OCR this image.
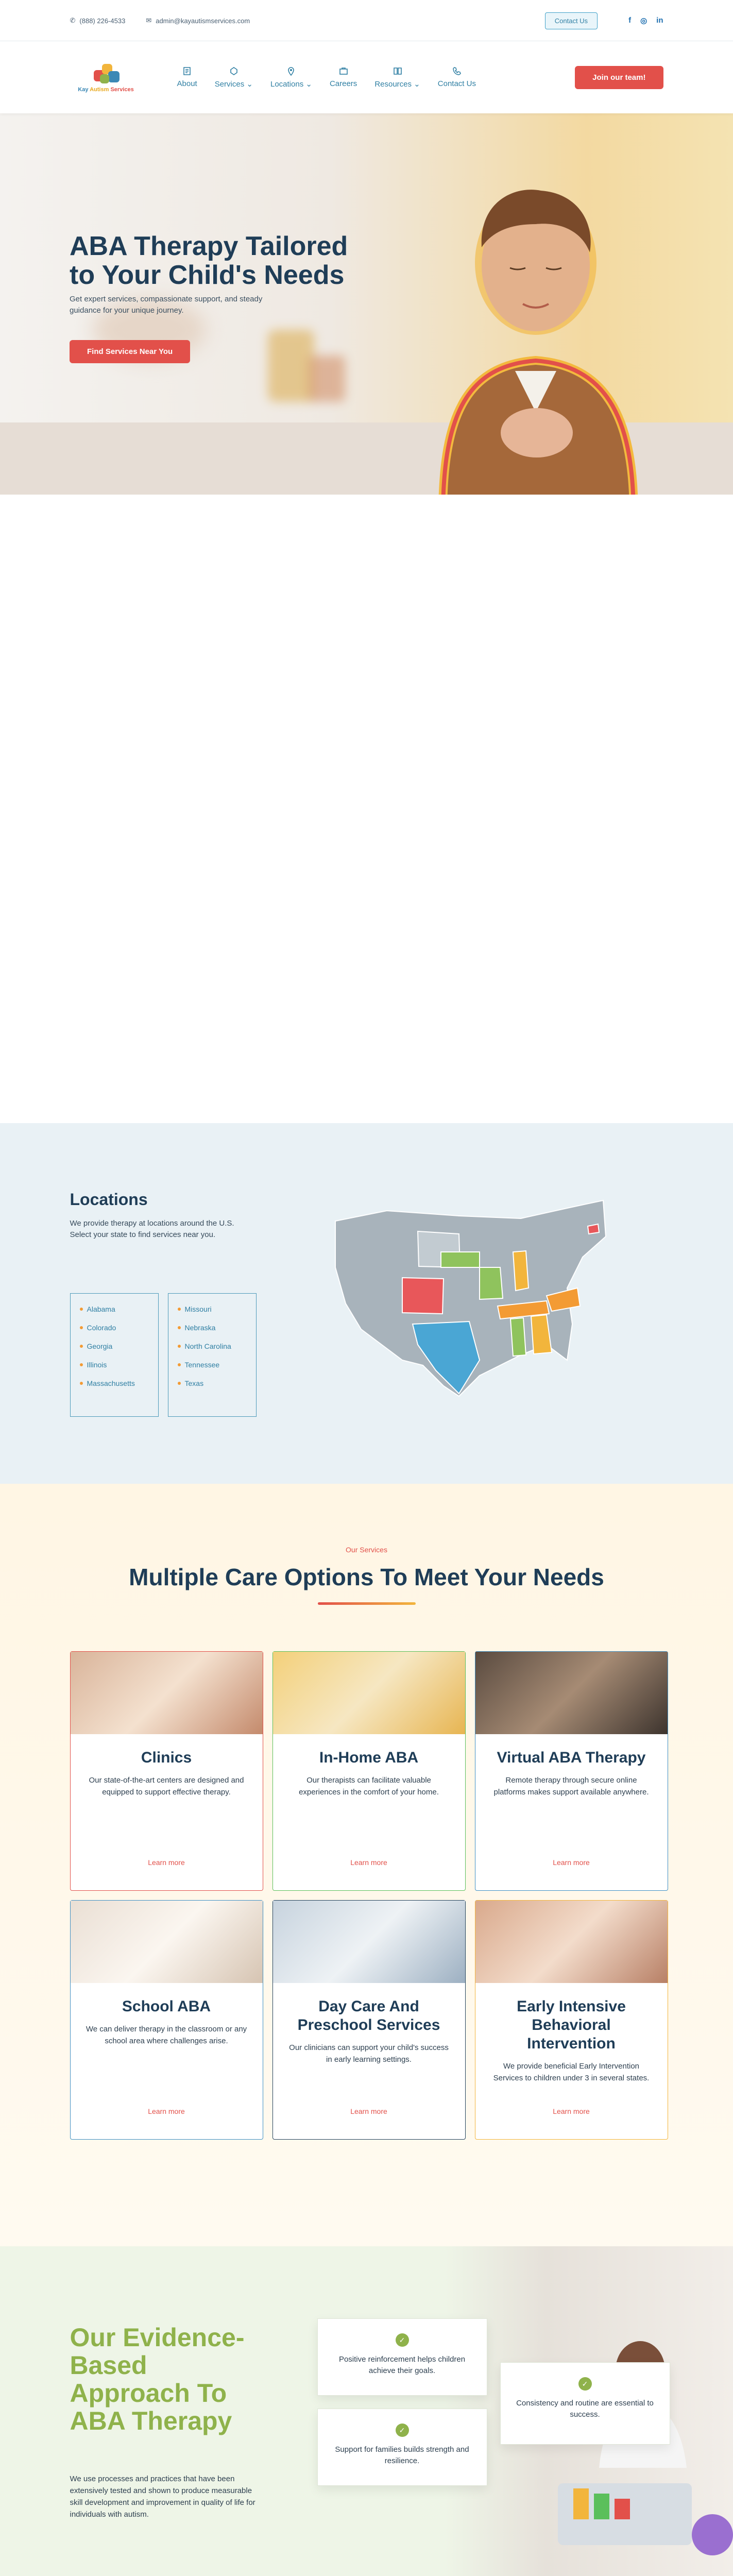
✆ (888) 226-4533	✉ admin@kayautismservices.com	Contact Us	f ◎ in
Kay Autism Services
About Services ⌄ Locations ⌄ Careers Resources ⌄ Contact Us
Join our team!
ABA Therapy Tailored to Your Child's Needs

Get expert services, compassionate support, and steady guidance for your unique journey.

Find Services Near You
Locations

We provide therapy at locations around the U.S. Select your state to find services near you.

Alabama
Colorado
Georgia
Illinois
Massachusetts
Missouri
Nebraska
North Carolina
Tennessee
Texas
Our Services
Multiple Care Options To Meet Your Needs
Clinics

Our state-of-the-art centers are designed and equipped to support effective therapy.

Learn more
In-Home ABA

Our therapists can facilitate valuable experiences in the comfort of your home.

Learn more
Virtual ABA Therapy

Remote therapy through secure online platforms makes support available anywhere.

Learn more
School ABA

We can deliver therapy in the classroom or any school area where challenges arise.

Learn more
Day Care And Preschool Services

Our clinicians can support your child's success in early learning settings.

Learn more
Early Intensive Behavioral Intervention

We provide beneficial Early Intervention Services to children under 3 in several states.

Learn more
Our Evidence-Based Approach To ABA Therapy

We use processes and practices that have been extensively tested and shown to produce measurable skill development and improvement in quality of life for individuals with autism.

✓
Positive reinforcement helps children achieve their goals.
✓
Consistency and routine are essential to success.
✓
Support for families builds strength and resilience.
